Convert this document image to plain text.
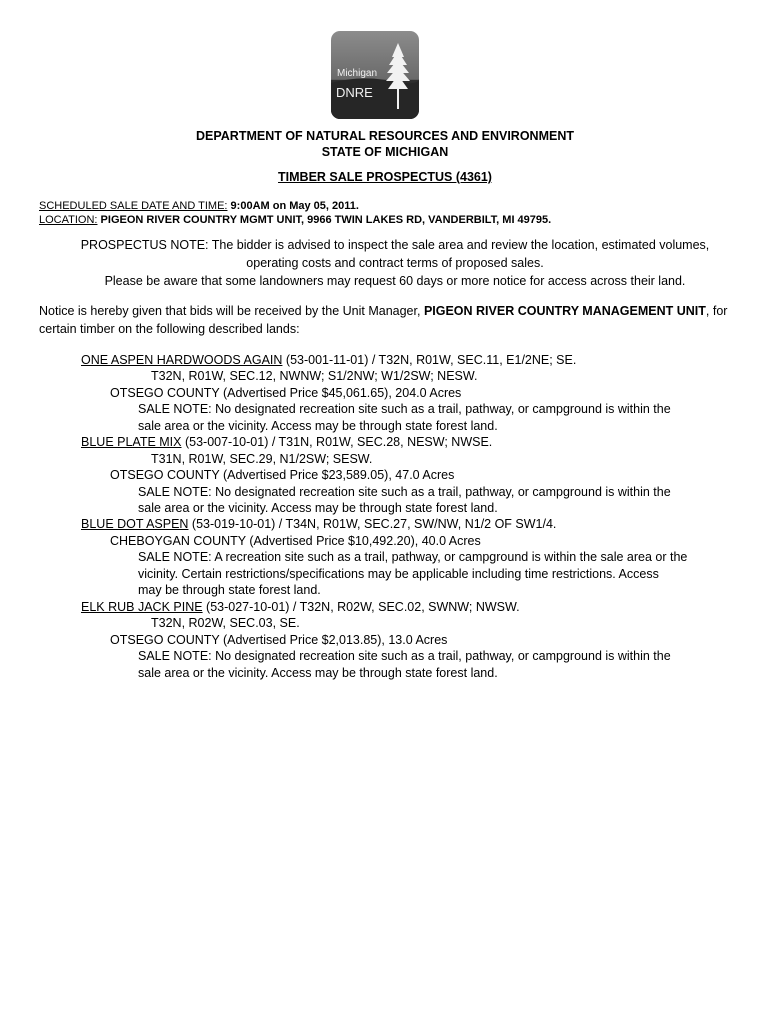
Michigan
DNRE
DEPARTMENT OF NATURAL RESOURCES AND ENVIRONMENT
STATE OF MICHIGAN
TIMBER SALE PROSPECTUS (4361)
SCHEDULED SALE DATE AND TIME: 9:00AM on May 05, 2011.
LOCATION: PIGEON RIVER COUNTRY MGMT UNIT, 9966 TWIN LAKES RD, VANDERBILT, MI 49795.
PROSPECTUS NOTE: The bidder is advised to inspect the sale area and review the location, estimated volumes,
operating costs and contract terms of proposed sales.
Please be aware that some landowners may request 60 days or more notice for access across their land.
Notice is hereby given that bids will be received by the Unit Manager, PIGEON RIVER COUNTRY MANAGEMENT UNIT, for certain timber on the following described lands:
ONE ASPEN HARDWOODS AGAIN (53-001-11-01) / T32N, R01W, SEC.11, E1/2NE; SE.
T32N, R01W, SEC.12, NWNW; S1/2NW; W1/2SW; NESW.
OTSEGO COUNTY (Advertised Price $45,061.65), 204.0 Acres
SALE NOTE: No designated recreation site such as a trail, pathway, or campground is within the
sale area or the vicinity. Access may be through state forest land.
BLUE PLATE MIX (53-007-10-01) / T31N, R01W, SEC.28, NESW; NWSE.
T31N, R01W, SEC.29, N1/2SW; SESW.
OTSEGO COUNTY (Advertised Price $23,589.05), 47.0 Acres
SALE NOTE: No designated recreation site such as a trail, pathway, or campground is within the
sale area or the vicinity. Access may be through state forest land.
BLUE DOT ASPEN (53-019-10-01) / T34N, R01W, SEC.27, SW/NW, N1/2 OF SW1/4.
CHEBOYGAN COUNTY (Advertised Price $10,492.20), 40.0 Acres
SALE NOTE: A recreation site such as a trail, pathway, or campground is within the sale area or the
vicinity. Certain restrictions/specifications may be applicable including time restrictions. Access
may be through state forest land.
ELK RUB JACK PINE (53-027-10-01) / T32N, R02W, SEC.02, SWNW; NWSW.
T32N, R02W, SEC.03, SE.
OTSEGO COUNTY (Advertised Price $2,013.85), 13.0 Acres
SALE NOTE: No designated recreation site such as a trail, pathway, or campground is within the
sale area or the vicinity. Access may be through state forest land.
